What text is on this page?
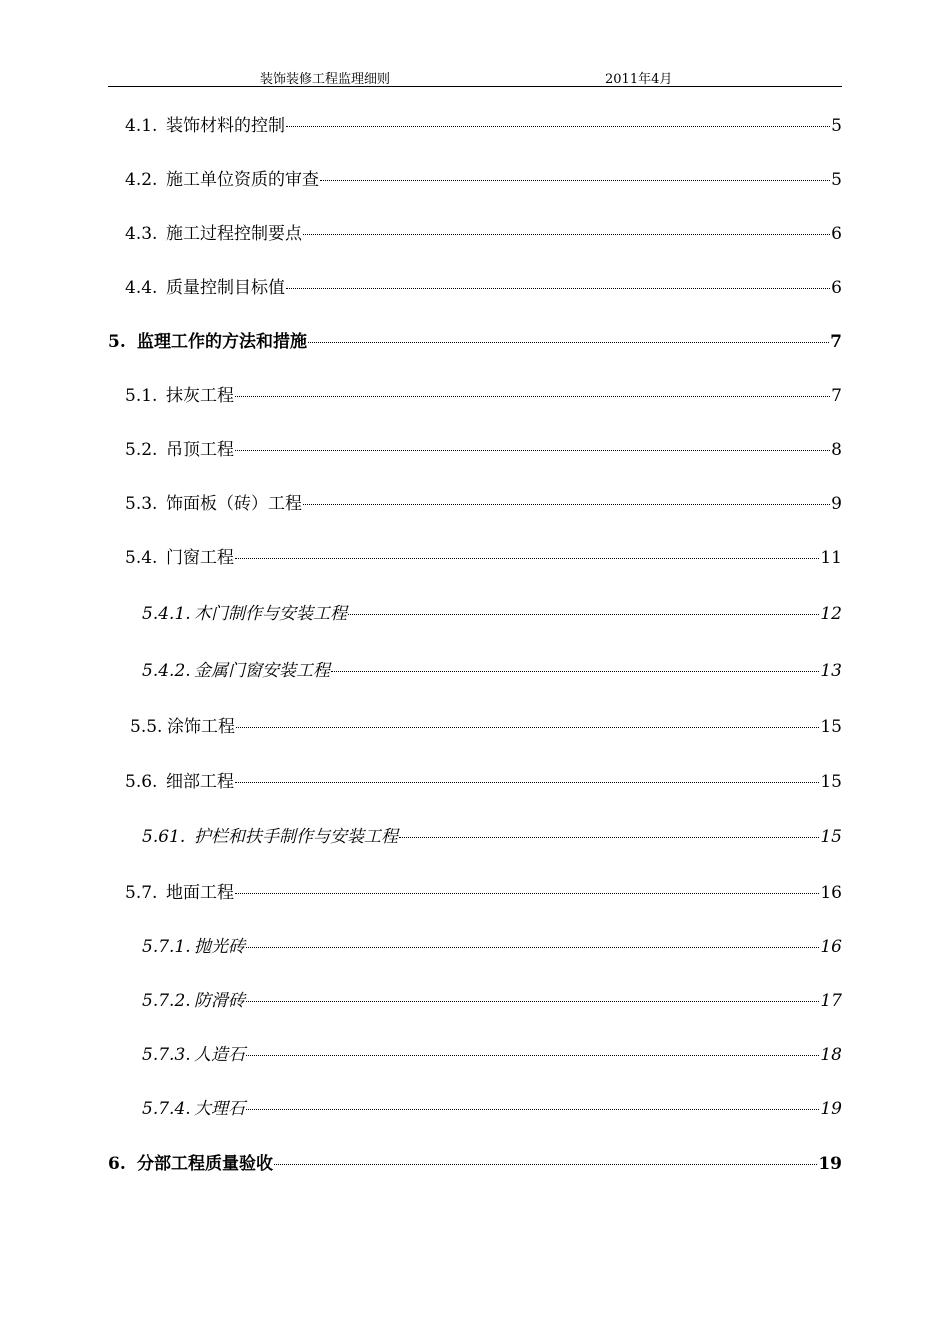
装饰装修工程监理细则	2011年4月
4.1. 装饰材料的控制	5
4.2. 施工单位资质的审查	5
4.3. 施工过程控制要点	6
4.4. 质量控制目标值	6
5. 监理工作的方法和措施	7
5.1. 抹灰工程	7
5.2. 吊顶工程	8
5.3. 饰面板（砖）工程	9
5.4. 门窗工程	11
5.4.1. 木门制作与安装工程	12
5.4.2. 金属门窗安装工程	13
5.5. 涂饰工程	15
5.6. 细部工程	15
5.61. 护栏和扶手制作与安装工程	15
5.7. 地面工程	16
5.7.1. 抛光砖	16
5.7.2. 防滑砖	17
5.7.3. 人造石	18
5.7.4. 大理石	19
6. 分部工程质量验收	19
